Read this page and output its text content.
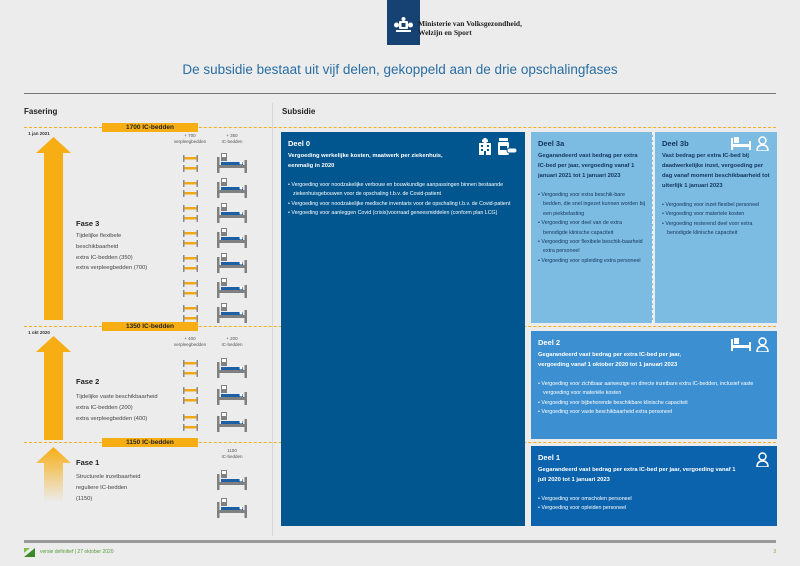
Ministerie van Volksgezondheid,
Welzijn en Sport
De subsidie bestaat uit vijf delen, gekoppeld aan de drie opschalingfases
Fasering	Subsidie
1700 IC-bedden
1350 IC-bedden
1150 IC-bedden
1 jan 2021
1 okt 2020
Fase 3
Tijdelijke flexibele
beschikbaarheid
extra IC-bedden (350)
extra verpleegbedden (700)
Fase 2
Tijdelijke vaste beschikbaarheid
extra IC-bedden (200)
extra verpleegbedden (400)
Fase 1
Structurele inzetbaarheid
reguliere IC-bedden
(1150)
+ 700
verpleegbedden
+ 350
IC-bedden
+ 400
verpleegbedden
+ 200
IC-bedden
1150
IC-bedden
Deel 0
Vergoeding werkelijke kosten, maatwerk per ziekenhuis, eenmalig in 2020
• Vergoeding voor noodzakelijke verbouw en bouwkundige aanpassingen binnen bestaande ziekenhuisgebouwen voor de opschaling t.b.v. de Covid-patient
• Vergoeding voor noodzakelijke medische inventaris voor de opschaling t.b.v. de Covid-patient
• Vergoeding voor aanleggen Covid (crisis)voorraad geneesmiddelen (conform plan LCG)
Deel 3a
Gegarandeerd vast bedrag per extra IC-bed per jaar, vergoeding vanaf 1 januari 2021 tot 1 januari 2023
• Vergoeding voor extra beschik-bare bedden, die snel ingezet kunnen worden bij een piekbelasting
• Vergoeding voor deel van de extra benodigde klinische capaciteit
• Vergoeding voor flexibele beschik-baarheid extra personeel
• Vergoeding voor opleiding extra personeel
Deel 3b
Vast bedrag per extra IC-bed bij daadwerkelijke inzet, vergoeding per dag vanaf moment beschikbaarheid tot uiterlijk 1 januari 2023
• Vergoeding voor inzet flexibel personeel
• Vergoeding voor materiele kosten
• Vergoeding resterend deel voor extra benodigde klinische capaciteit
Deel 2
Gegarandeerd vast bedrag per extra IC-bed per jaar, vergoeding vanaf 1 oktober 2020 tot 1 januari 2023
• Vergoeding voor zichtbaar aanwezige en directe inzetbare extra IC-bedden, inclusief vaste vergoeding voor materiële kosten
• Vergoeding voor bijbehorende beschikbare klinische capaciteit
• Vergoeding voor vaste beschikbaarheid extra personeel
Deel 1
Gegarandeerd vast bedrag per extra IC-bed per jaar, vergoeding vanaf 1 juli 2020 tot 1 januari 2023
• Vergoeding voor omscholen personeel
• Vergoeding voor opleiden personeel
versie definitief | 27 oktober 2020	3
